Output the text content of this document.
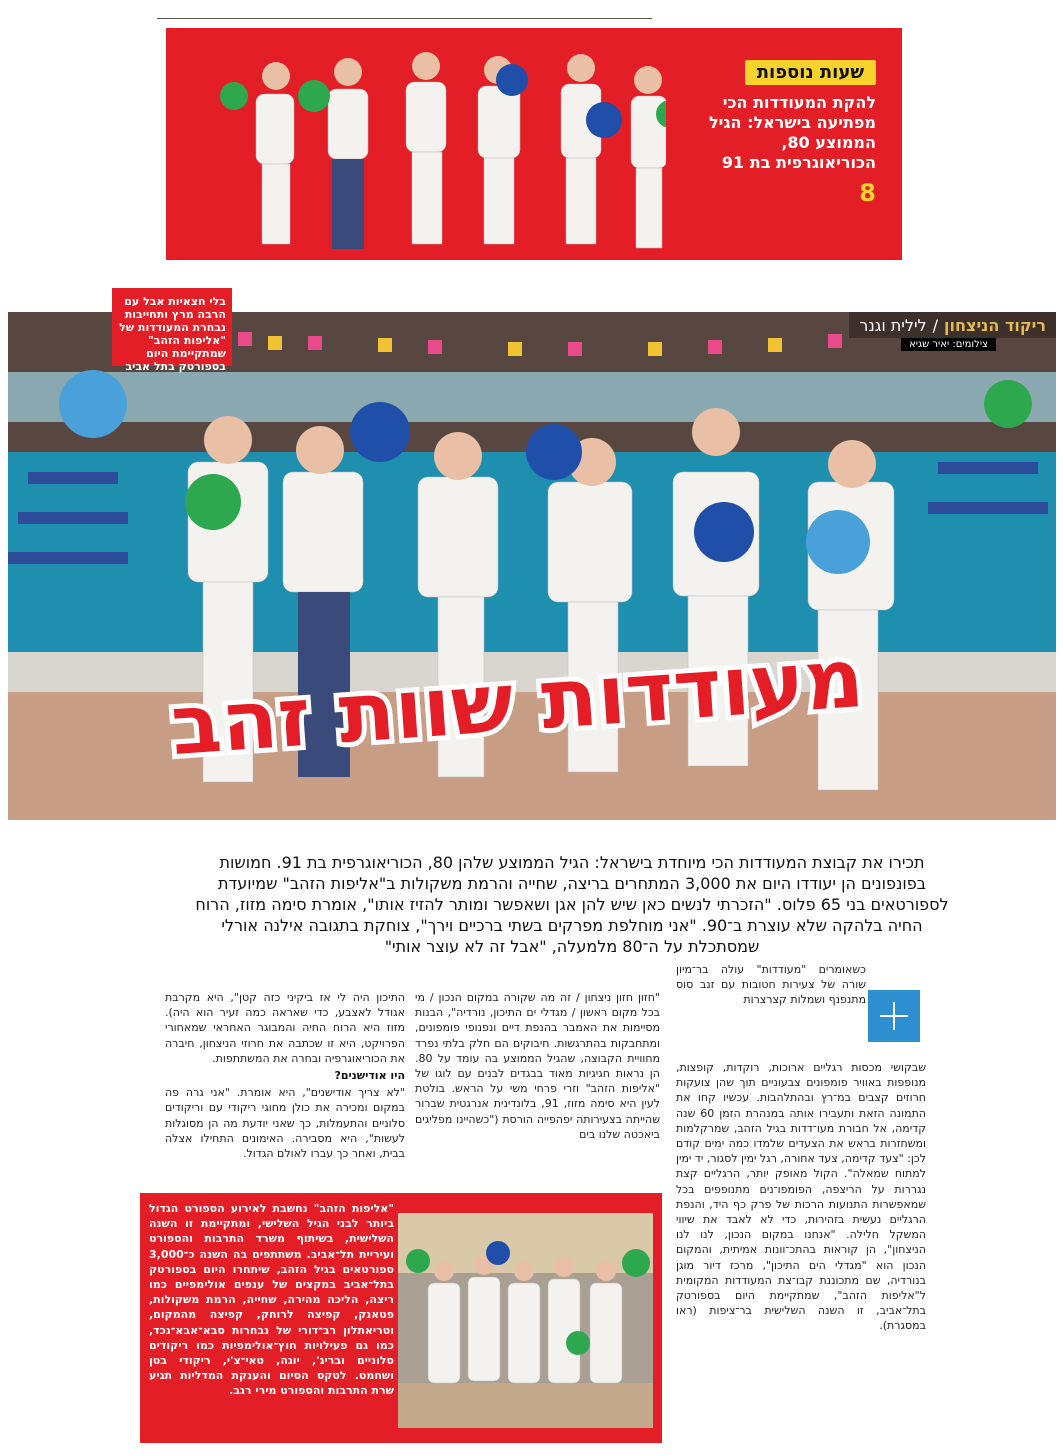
שעות נוספות
להקת המעודדות הכי מפתיעה בישראל: הגיל הממוצע 80, הכוריאוגרפית בת 91
8
ריקוד הניצחון
/
לילית וגנר
צילומים: יאיר שגיא
מעודדות שוות זהב
בלי חצאיות אבל עם הרבה מרץ ותחייבות נבחרת המעודדות של "אליפות הזהב" שמתקיימת היום בספורטק בתל אביב
תכירו את קבוצת המעודדות הכי מיוחדת בישראל: הגיל הממוצע שלהן 80, הכוריאוגרפית בת 91. חמושות בפונפונים הן יעודדו היום את 3,000 המתחרים בריצה, שחייה והרמת משקולות ב"אליפות הזהב" שמיועדת לספורטאים בני 65 פלוס. "הזכרתי לנשים כאן שיש להן אגן ושאפשר ומותר להזיז אותו", אומרת סימה מזוז, הרוח החיה בלהקה שלא עוצרת ב־90. "אני מוחלפת מפרקים בשתי ברכיים וירך", צוחקת בתגובה אילנה אורלי שמסתכלת על ה־80 מלמעלה, "אבל זה לא עוצר אותי"

כשאומרים "מעודדות" עולה בר־מיון שורה של צעירות חטובות עם זנב סוס מתנפנף ושמלות קצרצרות

שבקושי מכסות רגליים ארוכות, רוקדות, קופצות, מנופפות באוויר פומפונים צבעוניים תוך שהן צועקות חרוזים קצבים במ־רץ ובהתלהבות. עכשיו קחו את התמונה הזאת ותעבירו אותה במנהרת הזמן 60 שנה קדימה, אל חבורת מעו־דדות בגיל הזהב, שמרקלמות ומשחזרות בראש את הצעדים שלמדו כמה ימים קודם לכן: "צעד קדימה, צעד אחורה, רגל ימין לסגור, יד ימין למתוח שמאלה". הקול מאופק יותר, הרגליים קצת נגררות על הריצפה, הפומפו־נים מתנופפים בכל שמאפשרות התנועות הרכות של פרק כף היד, והנפת הרגליים נעשית בזהירות, כדי לא לאבד את שיווי המשקל חלילה. "אנחנו במקום הנכון, לנו לנו הניצחון", הן קוראות בהתכ־וונות אמיתית, והמקום הנכון הוא "מגדלי הים התיכון", מרכז דיור מוגן בנורדיה, שם מתכוננת קבו־צת המעודדות המקומית ל"אליפות הזהב", שמתקיימת היום בספורטק בתל־אביב, זו השנה השלישית בר־ציפות (ראו במסגרת).

"חזון חזון ניצחון / זה מה שקורה במקום הנכון / מי בכל מקום ראשון / מגדלי ים התיכון, נורדיה", הבנות מסיימות את האמבר בהנפת דיים ונפנופי פומפונים, ומתחבקות בהתרגשות. חיבוקים הם חלק בלתי נפרד מחוויית הקבוצה, שהגיל הממוצע בה עומד על 80. הן נראות חגיגיות מאוד בבגדים לבנים עם לוגו של "אליפות הזהב" וזרי פרחי משי על הראש. בולטת לעין היא סימה מזוז, 91, בלונדינית אנרגטית שברור שהייתה בצעירותה יפהפייה הורסת ("כשהיינו מפליגים ביאכטה שלנו בים

התיכון היה לי אז ביקיני כזה קטן", היא מקרבת אגודל לאצבע, כדי שאראה כמה זעיר הוא היה). מזוז היא הרוח החיה והמבוגר האחראי שמאחורי הפרויקט, היא זו שכתבה את חרוזי הניצחון, חיברה את הכוריאוגרפיה ובחרה את המשתתפות.

היו אודישנים?

"לא צריך אודישנים", היא אומרת. "אני גרה פה במקום ומכירה את כולן מחוגי ריקודי עם וריקודים סלוניים והתעמלות, כך שאני יודעת מה הן מסוגלות לעשות", היא מסבירה. האימונים התחילו אצלה בבית, ואחר כך עברו לאולם הגדול.

"אליפות הזהב" נחשבת לאירוע הספורט הגדול ביותר לבני הגיל השלישי, ומתקיימת זו השנה השלישית, בשיתוף משרד התרבות והספורט ועיריית תל־אביב. משתתפים בה השנה כ־3,000 ספורטאים בגיל הזהב, שיתחרו היום בספורטק בתל־אביב במקצים של ענפים אולימפיים כמו ריצה, הליכה מהירה, שחייה, הרמת משקולות, פטאנק, קפיצה לרוחק, קפיצה מהמקום, וטריאתלון רב־דורי של נבחרות סבא־אבא־נכד, כמו גם פעילויות חוץ־אולימפיות כמו ריקודים סלוניים ובריג', יוגה, טאי־צ'י, ריקודי בטן ושחמט. לטקס הסיום והענקת המדליות תגיע שרת התרבות והספורט מירי רגב.
